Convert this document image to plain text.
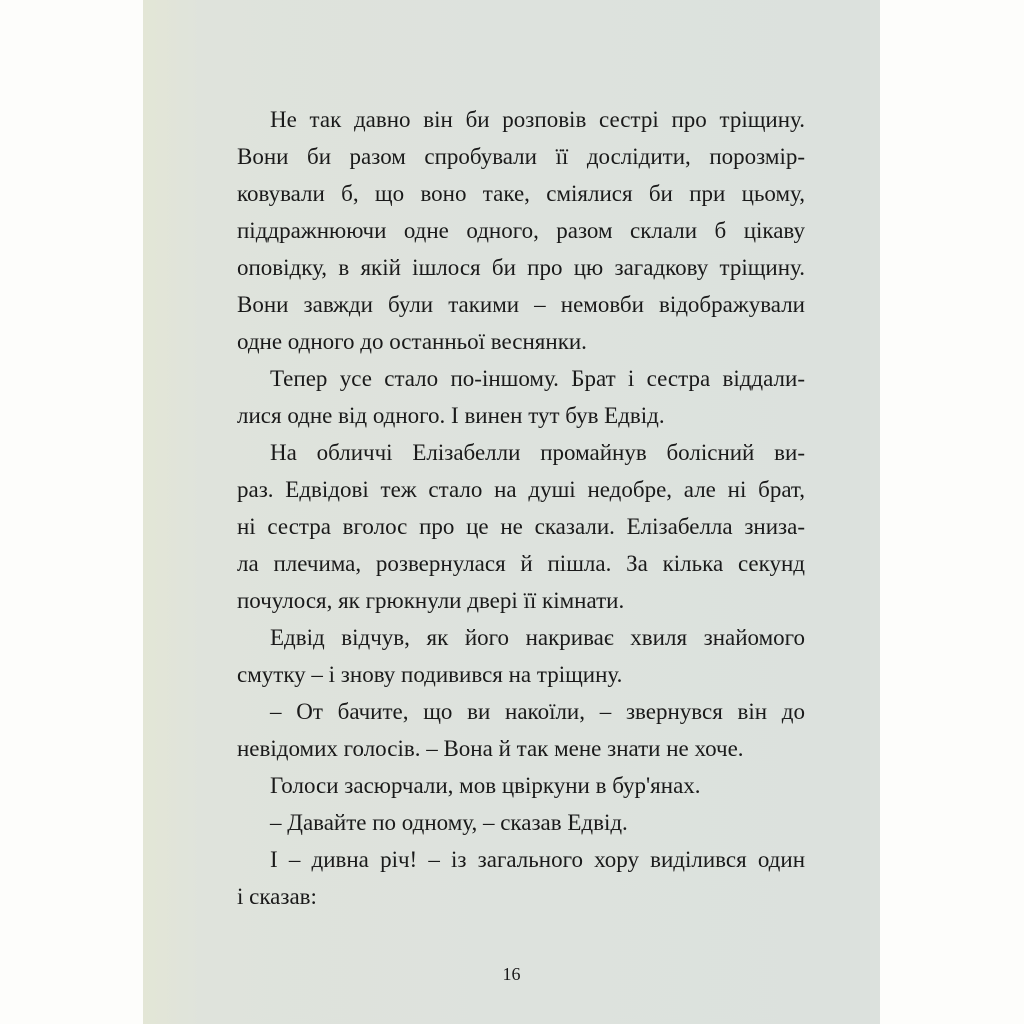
Не так давно він би розповів сестрі про тріщину.
Вони би разом спробували її дослідити, порозмір-
ковували б, що воно таке, сміялися би при цьому,
піддражнюючи одне одного, разом склали б цікаву
оповідку, в якій ішлося би про цю загадкову тріщину.
Вони завжди були такими – немовби відображували
одне одного до останньої веснянки.
Тепер усе стало по-іншому. Брат і сестра віддали-
лися одне від одного. І винен тут був Едвід.
На обличчі Елізабелли промайнув болісний ви-
раз. Едвідові теж стало на душі недобре, але ні брат,
ні сестра вголос про це не сказали. Елізабелла зниза-
ла плечима, розвернулася й пішла. За кілька секунд
почулося, як грюкнули двері її кімнати.
Едвід відчув, як його накриває хвиля знайомого
смутку – і знову подивився на тріщину.
– От бачите, що ви накоїли, – звернувся він до
невідомих голосів. – Вона й так мене знати не хоче.
Голоси засюрчали, мов цвіркуни в бур'янах.
– Давайте по одному, – сказав Едвід.
І – дивна річ! – із загального хору виділився один
і сказав:
16
